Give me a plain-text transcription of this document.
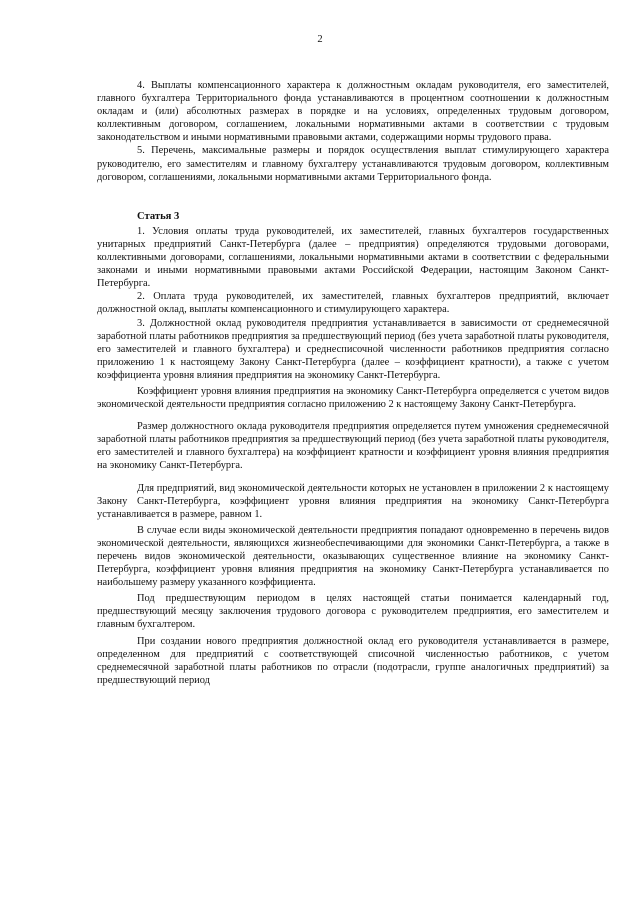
2

4. Выплаты компенсационного характера к должностным окладам руководителя, его заместителей, главного бухгалтера Территориального фонда устанавливаются в процентном соотношении к должностным окладам и (или) абсолютных размерах в порядке и на условиях, определенных трудовым договором, коллективным договором, соглашением, локальными нормативными актами в соответствии с трудовым законодательством и иными нормативными правовыми актами, содержащими нормы трудового права.

5. Перечень, максимальные размеры и порядок осуществления выплат стимулирующего характера руководителю, его заместителям и главному бухгалтеру устанавливаются трудовым договором, коллективным договором, соглашениями, локальными нормативными актами Территориального фонда.

Статья 3

1. Условия оплаты труда руководителей, их заместителей, главных бухгалтеров государственных унитарных предприятий Санкт-Петербурга (далее – предприятия) определяются трудовыми договорами, коллективными договорами, соглашениями, локальными нормативными актами в соответствии с федеральными законами и иными нормативными правовыми актами Российской Федерации, настоящим Законом Санкт-Петербурга.

2. Оплата труда руководителей, их заместителей, главных бухгалтеров предприятий, включает должностной оклад, выплаты компенсационного и стимулирующего характера.

3. Должностной оклад руководителя предприятия устанавливается в зависимости от среднемесячной заработной платы работников предприятия за предшествующий период (без учета заработной платы руководителя, его заместителей и главного бухгалтера) и среднесписочной численности работников предприятия согласно приложению 1 к настоящему Закону Санкт-Петербурга (далее – коэффициент кратности), а также с учетом коэффициента уровня влияния предприятия на экономику Санкт-Петербурга.

Коэффициент уровня влияния предприятия на экономику Санкт-Петербурга определяется с учетом видов экономической деятельности предприятия согласно приложению 2 к настоящему Закону Санкт-Петербурга.

Размер должностного оклада руководителя предприятия определяется путем умножения среднемесячной заработной платы работников предприятия за предшествующий период (без учета заработной платы руководителя, его заместителей и главного бухгалтера) на коэффициент кратности и коэффициент уровня влияния предприятия на экономику Санкт-Петербурга.

Для предприятий, вид экономической деятельности которых не установлен в приложении 2 к настоящему Закону Санкт-Петербурга, коэффициент уровня влияния предприятия на экономику Санкт-Петербурга устанавливается в размере, равном 1.

В случае если виды экономической деятельности предприятия попадают одновременно в перечень видов экономической деятельности, являющихся жизнеобеспечивающими для экономики Санкт-Петербурга, а также в перечень видов экономической деятельности, оказывающих существенное влияние на экономику Санкт-Петербурга, коэффициент уровня влияния предприятия на экономику Санкт-Петербурга устанавливается по наибольшему размеру указанного коэффициента.

Под предшествующим периодом в целях настоящей статьи понимается календарный год, предшествующий месяцу заключения трудового договора с руководителем предприятия, его заместителем и главным бухгалтером.

При создании нового предприятия должностной оклад его руководителя устанавливается в размере, определенном для предприятий с соответствующей списочной численностью работников, с учетом среднемесячной заработной платы работников по отрасли (подотрасли, группе аналогичных предприятий) за предшествующий период
